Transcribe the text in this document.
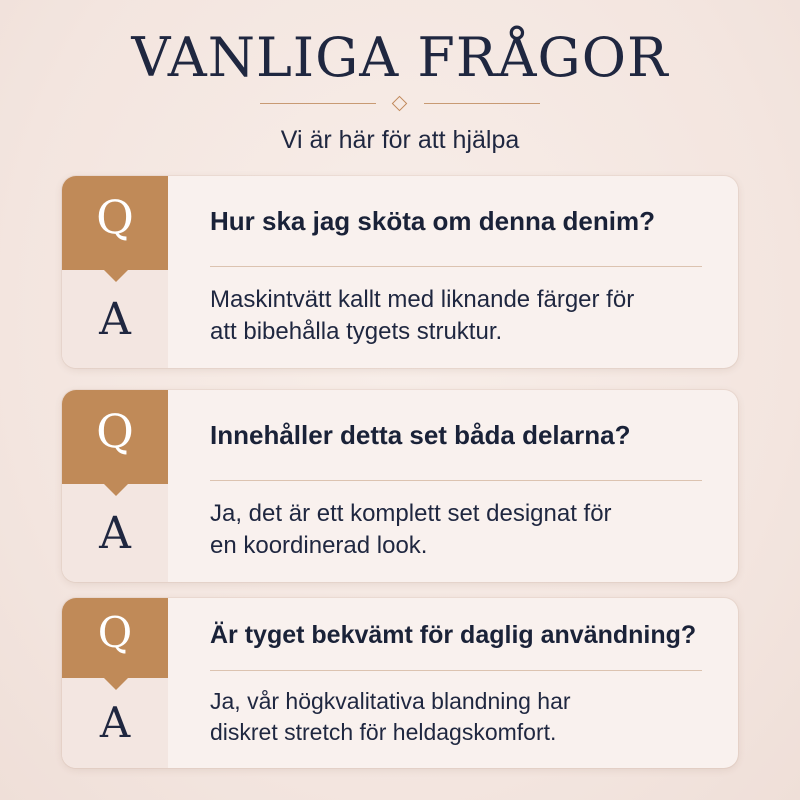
VANLIGA FRÅGOR
Vi är här för att hjälpa
Q
A
Hur ska jag sköta om denna denim?
Maskintvätt kallt med liknande färger för
att bibehålla tygets struktur.
Q
A
Innehåller detta set båda delarna?
Ja, det är ett komplett set designat för
en koordinerad look.
Q
A
Är tyget bekvämt för daglig användning?
Ja, vår högkvalitativa blandning har
diskret stretch för heldagskomfort.
